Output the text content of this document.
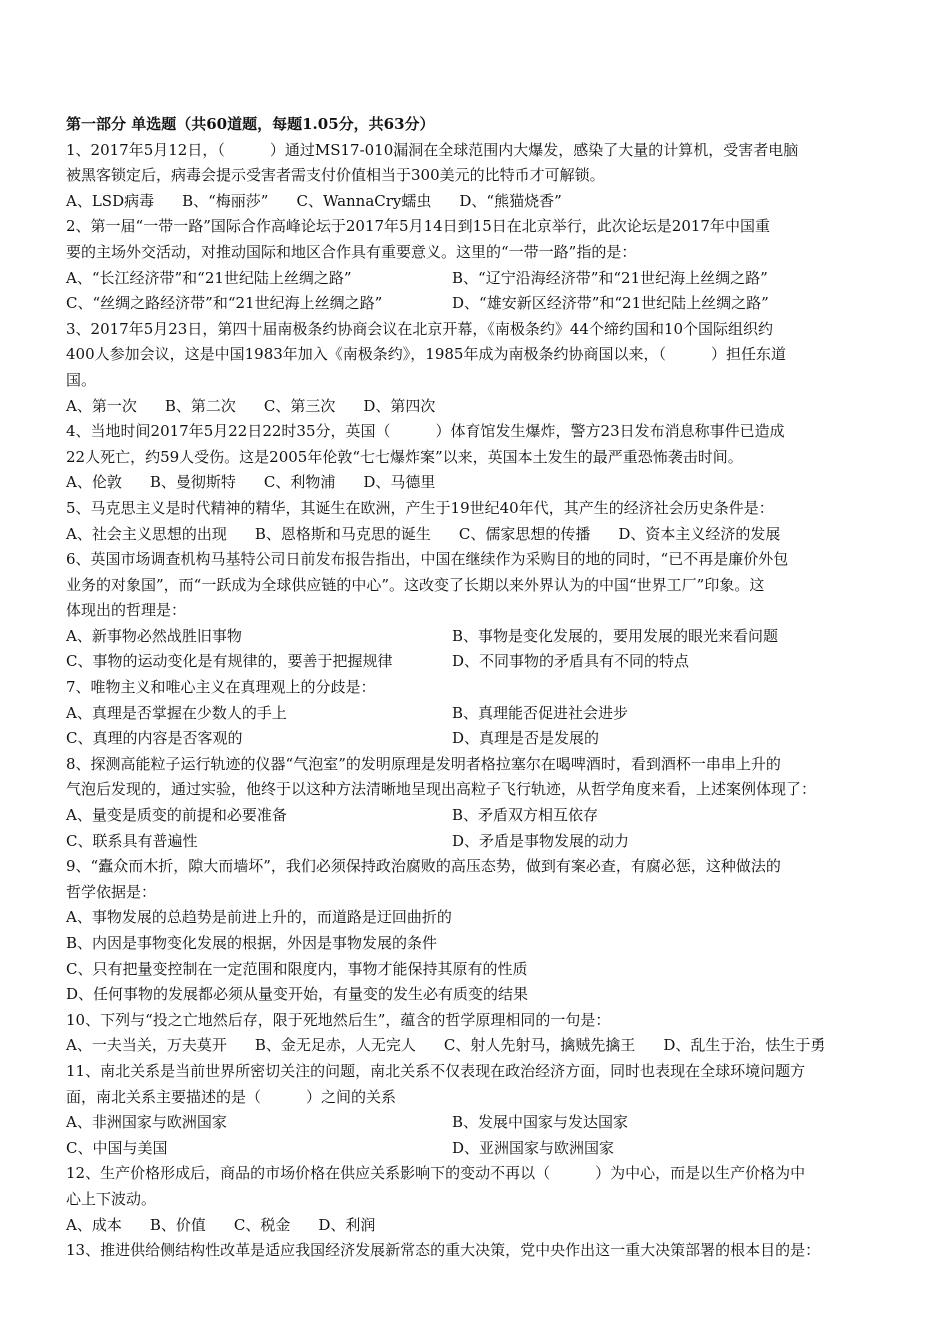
第一部分 单选题（共60道题，每题1.05分，共63分）
1、2017年5月12日，（　　　）通过MS17-010漏洞在全球范围内大爆发，感染了大量的计算机，受害者电脑
被黑客锁定后，病毒会提示受害者需支付价值相当于300美元的比特币才可解锁。
A、LSD病毒 B、“梅丽莎” C、WannaCry蠕虫 D、“熊猫烧香”
2、第一届“一带一路”国际合作高峰论坛于2017年5月14日到15日在北京举行，此次论坛是2017年中国重
要的主场外交活动，对推动国际和地区合作具有重要意义。这里的“一带一路”指的是：
A、“长江经济带”和“21世纪陆上丝绸之路”	B、“辽宁沿海经济带”和“21世纪海上丝绸之路”
C、“丝绸之路经济带”和“21世纪海上丝绸之路”	D、“雄安新区经济带”和“21世纪陆上丝绸之路”
3、2017年5月23日，第四十届南极条约协商会议在北京开幕，《南极条约》44个缔约国和10个国际组织约
400人参加会议，这是中国1983年加入《南极条约》，1985年成为南极条约协商国以来，（　　　）担任东道
国。
A、第一次 B、第二次 C、第三次 D、第四次
4、当地时间2017年5月22日22时35分，英国（　　　）体育馆发生爆炸，警方23日发布消息称事件已造成
22人死亡，约59人受伤。这是2005年伦敦“七七爆炸案”以来，英国本土发生的最严重恐怖袭击时间。
A、伦敦 B、曼彻斯特 C、利物浦 D、马德里
5、马克思主义是时代精神的精华，其诞生在欧洲，产生于19世纪40年代，其产生的经济社会历史条件是：
A、社会主义思想的出现 B、恩格斯和马克思的诞生 C、儒家思想的传播 D、资本主义经济的发展
6、英国市场调查机构马基特公司日前发布报告指出，中国在继续作为采购目的地的同时，“已不再是廉价外包
业务的对象国”，而“一跃成为全球供应链的中心”。这改变了长期以来外界认为的中国“世界工厂”印象。这
体现出的哲理是：
A、新事物必然战胜旧事物	B、事物是变化发展的，要用发展的眼光来看问题
C、事物的运动变化是有规律的，要善于把握规律	D、不同事物的矛盾具有不同的特点
7、唯物主义和唯心主义在真理观上的分歧是：
A、真理是否掌握在少数人的手上	B、真理能否促进社会进步
C、真理的内容是否客观的	D、真理是否是发展的
8、探测高能粒子运行轨迹的仪器“气泡室”的发明原理是发明者格拉塞尔在喝啤酒时，看到酒杯一串串上升的
气泡后发现的，通过实验，他终于以这种方法清晰地呈现出高粒子飞行轨迹，从哲学角度来看，上述案例体现了：
A、量变是质变的前提和必要准备	B、矛盾双方相互依存
C、联系具有普遍性	D、矛盾是事物发展的动力
9、“蠹众而木折，隙大而墙坏”，我们必须保持政治腐败的高压态势，做到有案必查，有腐必惩，这种做法的
哲学依据是：
A、事物发展的总趋势是前进上升的，而道路是迂回曲折的
B、内因是事物变化发展的根据，外因是事物发展的条件
C、只有把量变控制在一定范围和限度内，事物才能保持其原有的性质
D、任何事物的发展都必须从量变开始，有量变的发生必有质变的结果
10、下列与“投之亡地然后存，限于死地然后生”，蕴含的哲学原理相同的一句是：
A、一夫当关，万夫莫开 B、金无足赤，人无完人 C、射人先射马，擒贼先擒王 D、乱生于治，怯生于勇
11、南北关系是当前世界所密切关注的问题，南北关系不仅表现在政治经济方面，同时也表现在全球环境问题方
面，南北关系主要描述的是（　　　）之间的关系
A、非洲国家与欧洲国家	B、发展中国家与发达国家
C、中国与美国	D、亚洲国家与欧洲国家
12、生产价格形成后，商品的市场价格在供应关系影响下的变动不再以（　　　）为中心，而是以生产价格为中
心上下波动。
A、成本 B、价值 C、税金 D、利润
13、推进供给侧结构性改革是适应我国经济发展新常态的重大决策，党中央作出这一重大决策部署的根本目的是：
